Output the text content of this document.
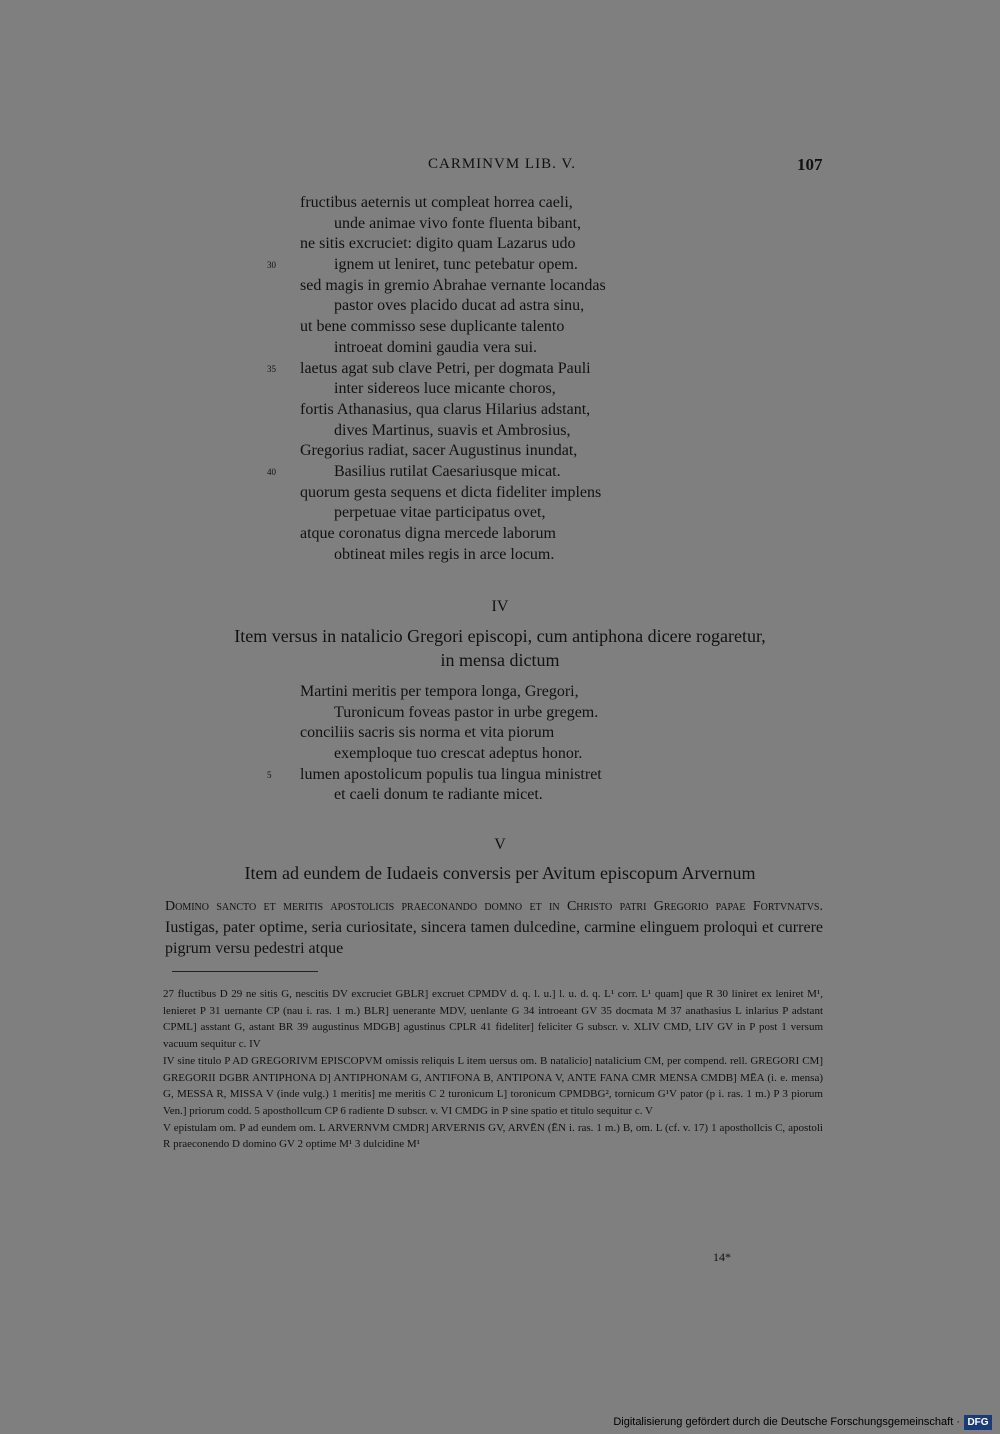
CARMINVM LIB. V.	107
fructibus aeternis ut compleat horrea caeli,
unde animae vivo fonte fluenta bibant,
ne sitis excruciet: digito quam Lazarus udo
30	ignem ut leniret, tunc petebatur opem.
sed magis in gremio Abrahae vernante locandas
pastor oves placido ducat ad astra sinu,
ut bene commisso sese duplicante talento
introeat domini gaudia vera sui.
35 laetus agat sub clave Petri, per dogmata Pauli
inter sidereos luce micante choros,
fortis Athanasius, qua clarus Hilarius adstant,
dives Martinus, suavis et Ambrosius,
Gregorius radiat, sacer Augustinus inundat,
40	Basilius rutilat Caesariusque micat.
quorum gesta sequens et dicta fideliter implens
perpetuae vitae participatus ovet,
atque coronatus digna mercede laborum
obtineat miles regis in arce locum.
IV
Item versus in natalicio Gregori episcopi, cum antiphona dicere rogaretur,
in mensa dictum
Martini meritis per tempora longa, Gregori,
Turonicum foveas pastor in urbe gregem.
conciliis sacris sis norma et vita piorum
exemploque tuo crescat adeptus honor.
5 lumen apostolicum populis tua lingua ministret
et caeli donum te radiante micet.
V
Item ad eundem de Iudaeis conversis per Avitum episcopum Arvernum
Domino sancto et meritis apostolicis praeconando domno et in Christo patri Gregorio papae Fortvnatvs. Iustigas, pater optime, seria curiositate, sincera tamen dulcedine, carmine elinguem proloqui et currere pigrum versu pedestri atque

27 fluctibus D 29 ne sitis G, nescitis DV excruciet GBLR] excruet CPMDV d. q. l. u.] l. u. d. q. L¹ corr. L¹ quam] que R 30 liniret ex leniret M¹, lenieret P 31 uernante CP (nau i. ras. 1 m.) BLR] uenerante MDV, uenlante G 34 introeant GV 35 docmata M 37 anathasius L inlarius P adstant CPML] asstant G, astant BR 39 augustinus MDGB] agustinus CPLR 41 fideliter] feliciter G subscr. v. XLIV CMD, LIV GV in P post 1 versum vacuum sequitur c. IV

IV sine titulo P AD GREGORIVM EPISCOPVM omissis reliquis L item uersus om. B natalicio] natalicium CM, per compend. rell. GREGORI CM] GREGORII DGBR ANTIPHONA D] ANTIPHONAM G, ANTIFONA B, ANTIPONA V, ANTE FANA CMR MENSA CMDB] MĒA (i. e. mensa) G, MESSA R, MISSA V (inde vulg.) 1 meritis] me meritis C 2 turonicum L] toronicum CPMDBG², tornicum G¹V pator (p i. ras. 1 m.) P 3 piorum Ven.] priorum codd. 5 aposthollcum CP 6 radiente D subscr. v. VI CMDG in P sine spatio et titulo sequitur c. V

V epistulam om. P ad eundem om. L ARVERNVM CMDR] ARVERNIS GV, ARVĒN (ĒN i. ras. 1 m.) B, om. L (cf. v. 17) 1 aposthollcis C, apostoli R praeconendo D domino GV 2 optime M¹ 3 dulcidine M¹

14*
Digitalisierung gefördert durch die Deutsche Forschungsgemeinschaft · DFG
